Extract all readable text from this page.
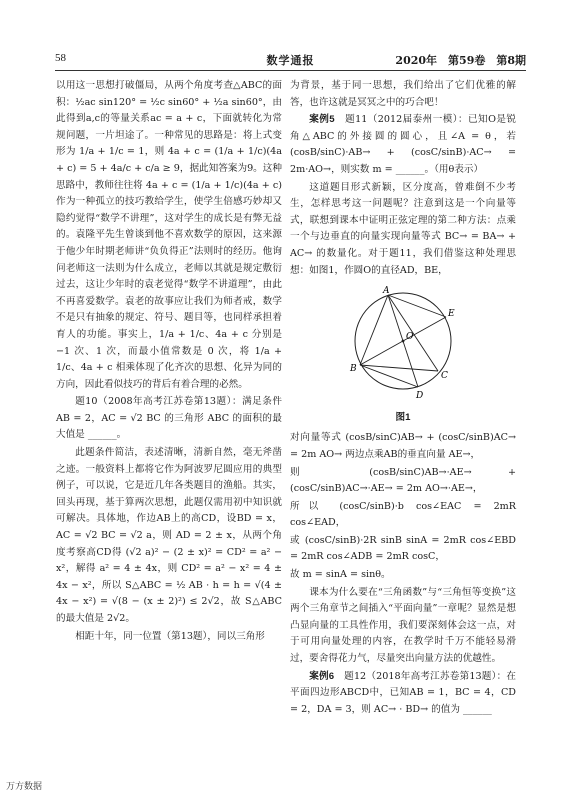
58	数学通报	2020年　第59卷　第8期

以用这一思想打破僵局，从两个角度考查△ABC的面积：½ac sin120° = ½c sin60° + ½a sin60°，由此得到a,c的等量关系ac = a + c，下面就转化为常规问题，一片坦途了。一种常见的思路是：将上式变形为 1/a + 1/c = 1，则 4a + c = (1/a + 1/c)(4a + c) = 5 + 4a/c + c/a ≥ 9，据此知答案为9。这种思路中，教师往往将 4a + c = (1/a + 1/c)(4a + c) 作为一种孤立的技巧教给学生，使学生倍感巧妙却又隐约觉得“数学不讲理”，这对学生的成长是有弊无益的。袁隆平先生曾谈到他不喜欢数学的原因，这来源于他少年时期老师讲“负负得正”法则时的经历。他询问老师这一法则为什么成立，老师以其就是规定敷衍过去，这让少年时的袁老觉得“数学不讲道理”，由此不再喜爱数学。袁老的故事应让我们为师者戒，数学不是只有抽象的规定、符号、题目等，也同样承担着育人的功能。事实上，1/a + 1/c、4a + c 分别是 −1 次、1 次，而最小值常数是 0 次，将 1/a + 1/c、4a + c 相乘体现了化齐次的思想、化异为同的方向，因此看似技巧的背后有着合理的必然。

题10（2008年高考江苏卷第13题）：满足条件 AB = 2，AC = √2 BC 的三角形 ABC 的面积的最大值是 ______。

此题条件简洁，表述清晰，清新自然，毫无斧凿之迹。一般资料上都将它作为阿波罗尼圆应用的典型例子，可以说，它是近几年各类题目的渔船。其实，回头再现，基于算两次思想，此题仅需用初中知识就可解决。具体地，作边AB上的高CD，设BD = x，AC = √2 BC = √2 a，则 AD = 2 ± x，从两个角度考察高CD得 (√2 a)² − (2 ± x)² = CD² = a² − x²，解得 a² = 4 ± 4x，则 CD² = a² − x² = 4 ± 4x − x²，所以 S△ABC = ½ AB · h = h = √(4 ± 4x − x²) = √(8 − (x ± 2)²) ≤ 2√2，故 S△ABC 的最大值是 2√2。

相距十年，同一位置（第13题），同以三角形

为背景，基于同一思想，我们给出了它们优雅的解答，也许这就是冥冥之中的巧合吧！

案例5　 题11（2012届泰州一模）：已知O是锐角△ABC的外接圆的圆心，且∠A = θ，若 (cosB/sinC)·AB→ + (cosC/sinB)·AC→ = 2m·AO→，则实数 m = ______。（用θ表示）

这道题目形式新颖，区分度高，曾难倒不少考生，怎样思考这一问题呢？注意到这是一个向量等式，联想到课本中证明正弦定理的第二种方法：点乘一个与边垂直的向量实现向量等式 BC→ = BA→ + AC→ 的数量化。对于题11，我们借鉴这种处理思想：如图1，作圆O的直径AD，BE，

A
E
O
B
C
D
图1

对向量等式 (cosB/sinC)AB→ + (cosC/sinB)AC→ = 2m AO→ 两边点乘AB的垂直向量 AE→，

则 (cosB/sinC)AB→·AE→ + (cosC/sinB)AC→·AE→ = 2m AO→·AE→，

所以 (cosC/sinB)·b cos∠EAC = 2mR cos∠EAD，

或 (cosC/sinB)·2R sinB sinA = 2mR cos∠EBD = 2mR cos∠ADB = 2mR cosC，

故 m = sinA = sinθ。

课本为什么要在“三角函数”与“三角恒等变换”这两个三角章节之间插入“平面向量”一章呢？显然是想凸显向量的工具性作用，我们要深刻体会这一点，对于可用向量处理的内容，在教学时千万不能轻易滑过，要舍得花力气，尽量突出向量方法的优越性。

案例6　 题12（2018年高考江苏卷第13题）：在平面四边形ABCD中，已知AB = 1，BC = 4，CD = 2，DA = 3，则 AC→ · BD→ 的值为 ______

万方数据
